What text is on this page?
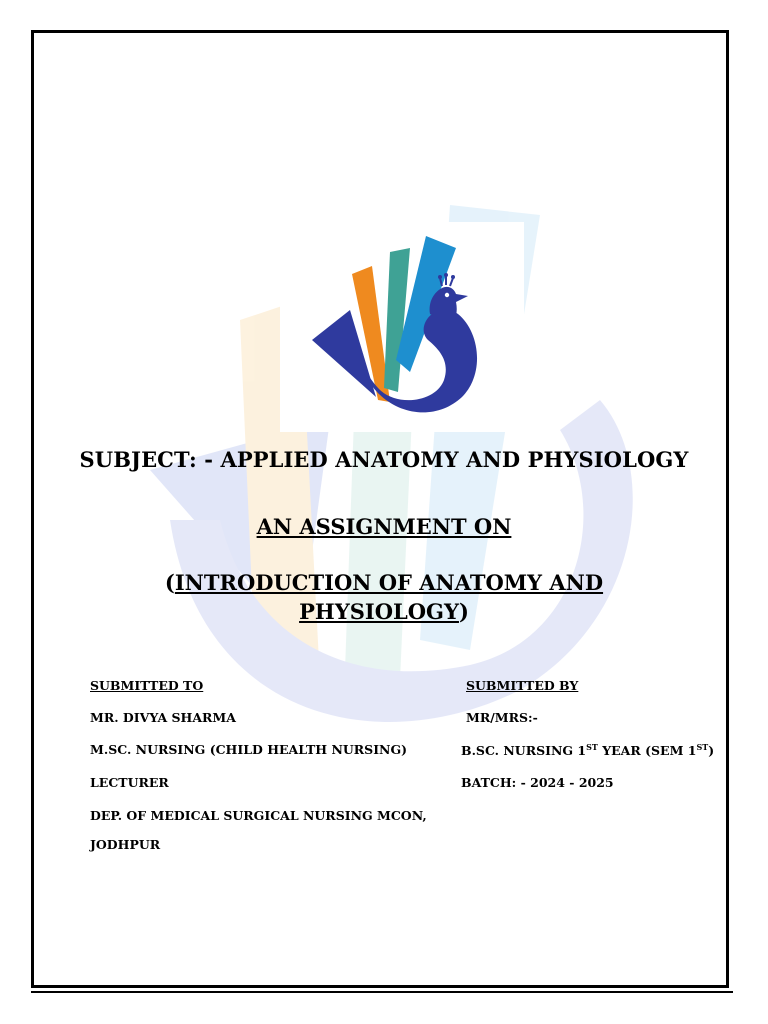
SUBJECT: - APPLIED ANATOMY AND PHYSIOLOGY
AN ASSIGNMENT ON
(INTRODUCTION OF ANATOMY AND
PHYSIOLOGY)
SUBMITTED TO
MR. DIVYA SHARMA
M.SC. NURSING (CHILD HEALTH NURSING)
LECTURER
DEP. OF MEDICAL SURGICAL NURSING MCON,
JODHPUR
SUBMITTED BY
MR/MRS:-
B.SC. NURSING 1ST YEAR (SEM 1ST)
BATCH: - 2024 - 2025
